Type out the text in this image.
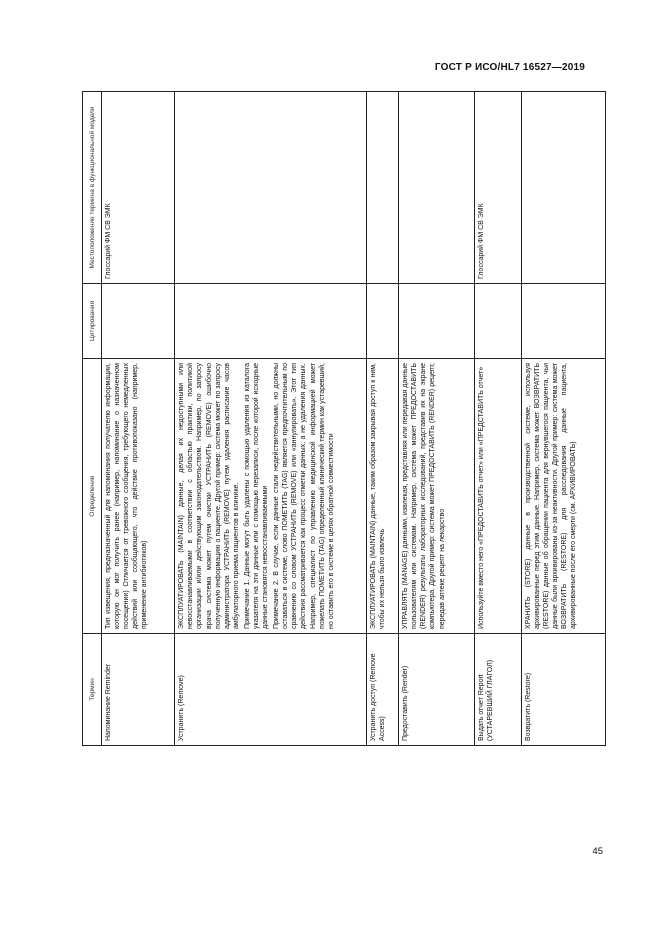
ГОСТ Р ИСО/HL7 16527—2019
Термин	Определение	Цитирования	Местоположение термина в функциональной модели
Напоминание Reminder	Тип извещения, предназначенный для напоминания получателю информации, которую он мог получить ранее (например, напоминание о назначенном посещении) Отличается от тревожного сообщения, требующего немедленных действий или сообщающего, что действие противопоказано (например, применение антибиотиков)		Глоссарий ФМ СВ ЭМК
Устранить (Remove)	ЭКСПЛУАТИРОВАТЬ (MAINTAIN) данные, делая их недоступными или невосстанавливаемыми в соответствии с областью практики, политикой организации и/или действующим законодательством. Например, по запросу врача система может путем очистки УСТРАНИТЬ (REMOVE) ошибочно полученную информацию о пациенте. Другой пример: система может по запросу администратора УСТРАНИТЬ (REMOVE) путем удаления расписание часов амбулаторного приема пациентов в клинике. Примечание 1. Данные могут быть удалены с помощью удаления из каталога указателя на эти данные или с помощью перезаписи, после которой исходные данные становятся невосстанавливаемыми Примечание 2. В случае, если данные стали недействительными, но должны оставаться в системе, слово ПОМЕТИТЬ (TAG) является предпочтительным по сравнению со словом УСТРАНИТЬ (REMOVE) или «аннулировать». Этот тип действия рассматривается как процесс отметки данных, а не удаления данных. Например, специалист по управлению медицинской информацией может пожелать ПОМЕТИТЬ (TAG) определенный клинический термин как устаревший, но оставить его в системе в целях обратной совместимости		

Устранить доступ (Remove Access)	ЭКСПЛУАТИРОВАТЬ (MAINTAIN) данные, таким образом закрывая доступ к ним, чтобы их нельзя было извлечь		

Предоставить (Render)	УПРАВЛЯТЬ (MANAGE) данными, извлекая, представляя или передавая данные пользователям или системам. Например, система может ПРЕДОСТАВИТЬ (RENDER) результаты лабораторных исследований, представив их на экране компьютера. Другой пример: система может ПРЕДОСТАВИТЬ (RENDER) рецепт, передав аптеке рецепт на лекарство		

Выдать отчет Report (УСТАРЕВШИЙ ГЛАГОЛ)	Используйте вместо него «ПРЕДОСТАВИТЬ отчет» или «ПРЕДСТАВИТЬ отчет»		Глоссарий ФМ СВ ЭМК
Возвратить (Restore)	ХРАНИТЬ (STORE) данные в производственной системе, используя архивированные перед этим данные. Например, система может ВОЗВРАТИТЬ (RESTORE) данные об обращении пациента для вернувшегося пациента, чьи данные были архивированы из-за неактивности. Другой пример: система может ВОЗВРАТИТЬ (RESTORE) для расследования данные пациента, архивированные после его смерти (см. АРХИВИРОВАТЬ)		

45
